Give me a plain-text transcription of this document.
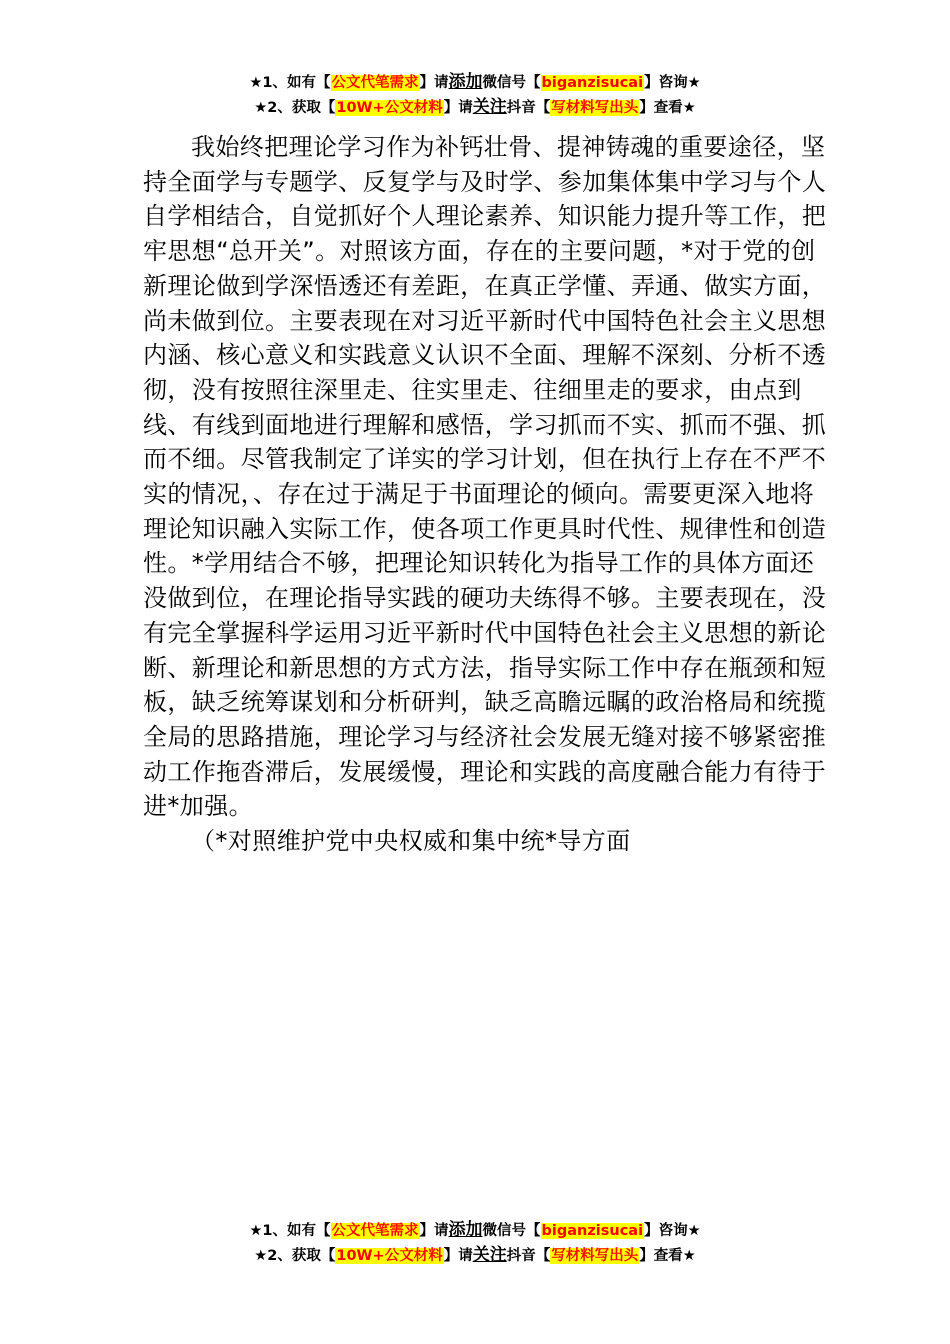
★1、如有【公文代笔需求】请添加微信号【biganzisucai】咨询★
★2、获取【10W+公文材料】请关注抖音【写材料写出头】查看★

我始终把理论学习作为补钙壮骨、提神铸魂的重要途径，坚持全面学与专题学、反复学与及时学、参加集体集中学习与个人自学相结合，自觉抓好个人理论素养、知识能力提升等工作，把牢思想“总开关”。对照该方面，存在的主要问题，*对于党的创新理论做到学深悟透还有差距，在真正学懂、弄通、做实方面，尚未做到位。主要表现在对习近平新时代中国特色社会主义思想内涵、核心意义和实践意义认识不全面、理解不深刻、分析不透彻，没有按照往深里走、往实里走、往细里走的要求，由点到线、有线到面地进行理解和感悟，学习抓而不实、抓而不强、抓而不细。尽管我制定了详实的学习计划，但在执行上存在不严不实的情况，、存在过于满足于书面理论的倾向。需要更深入地将理论知识融入实际工作，使各项工作更具时代性、规律性和创造性。*学用结合不够，把理论知识转化为指导工作的具体方面还没做到位，在理论指导实践的硬功夫练得不够。主要表现在，没有完全掌握科学运用习近平新时代中国特色社会主义思想的新论断、新理论和新思想的方式方法，指导实际工作中存在瓶颈和短板，缺乏统筹谋划和分析研判，缺乏高瞻远瞩的政治格局和统揽全局的思路措施，理论学习与经济社会发展无缝对接不够紧密推动工作拖沓滞后，发展缓慢，理论和实践的高度融合能力有待于进*加强。

（*对照维护党中央权威和集中统*导方面

★1、如有【公文代笔需求】请添加微信号【biganzisucai】咨询★
★2、获取【10W+公文材料】请关注抖音【写材料写出头】查看★
